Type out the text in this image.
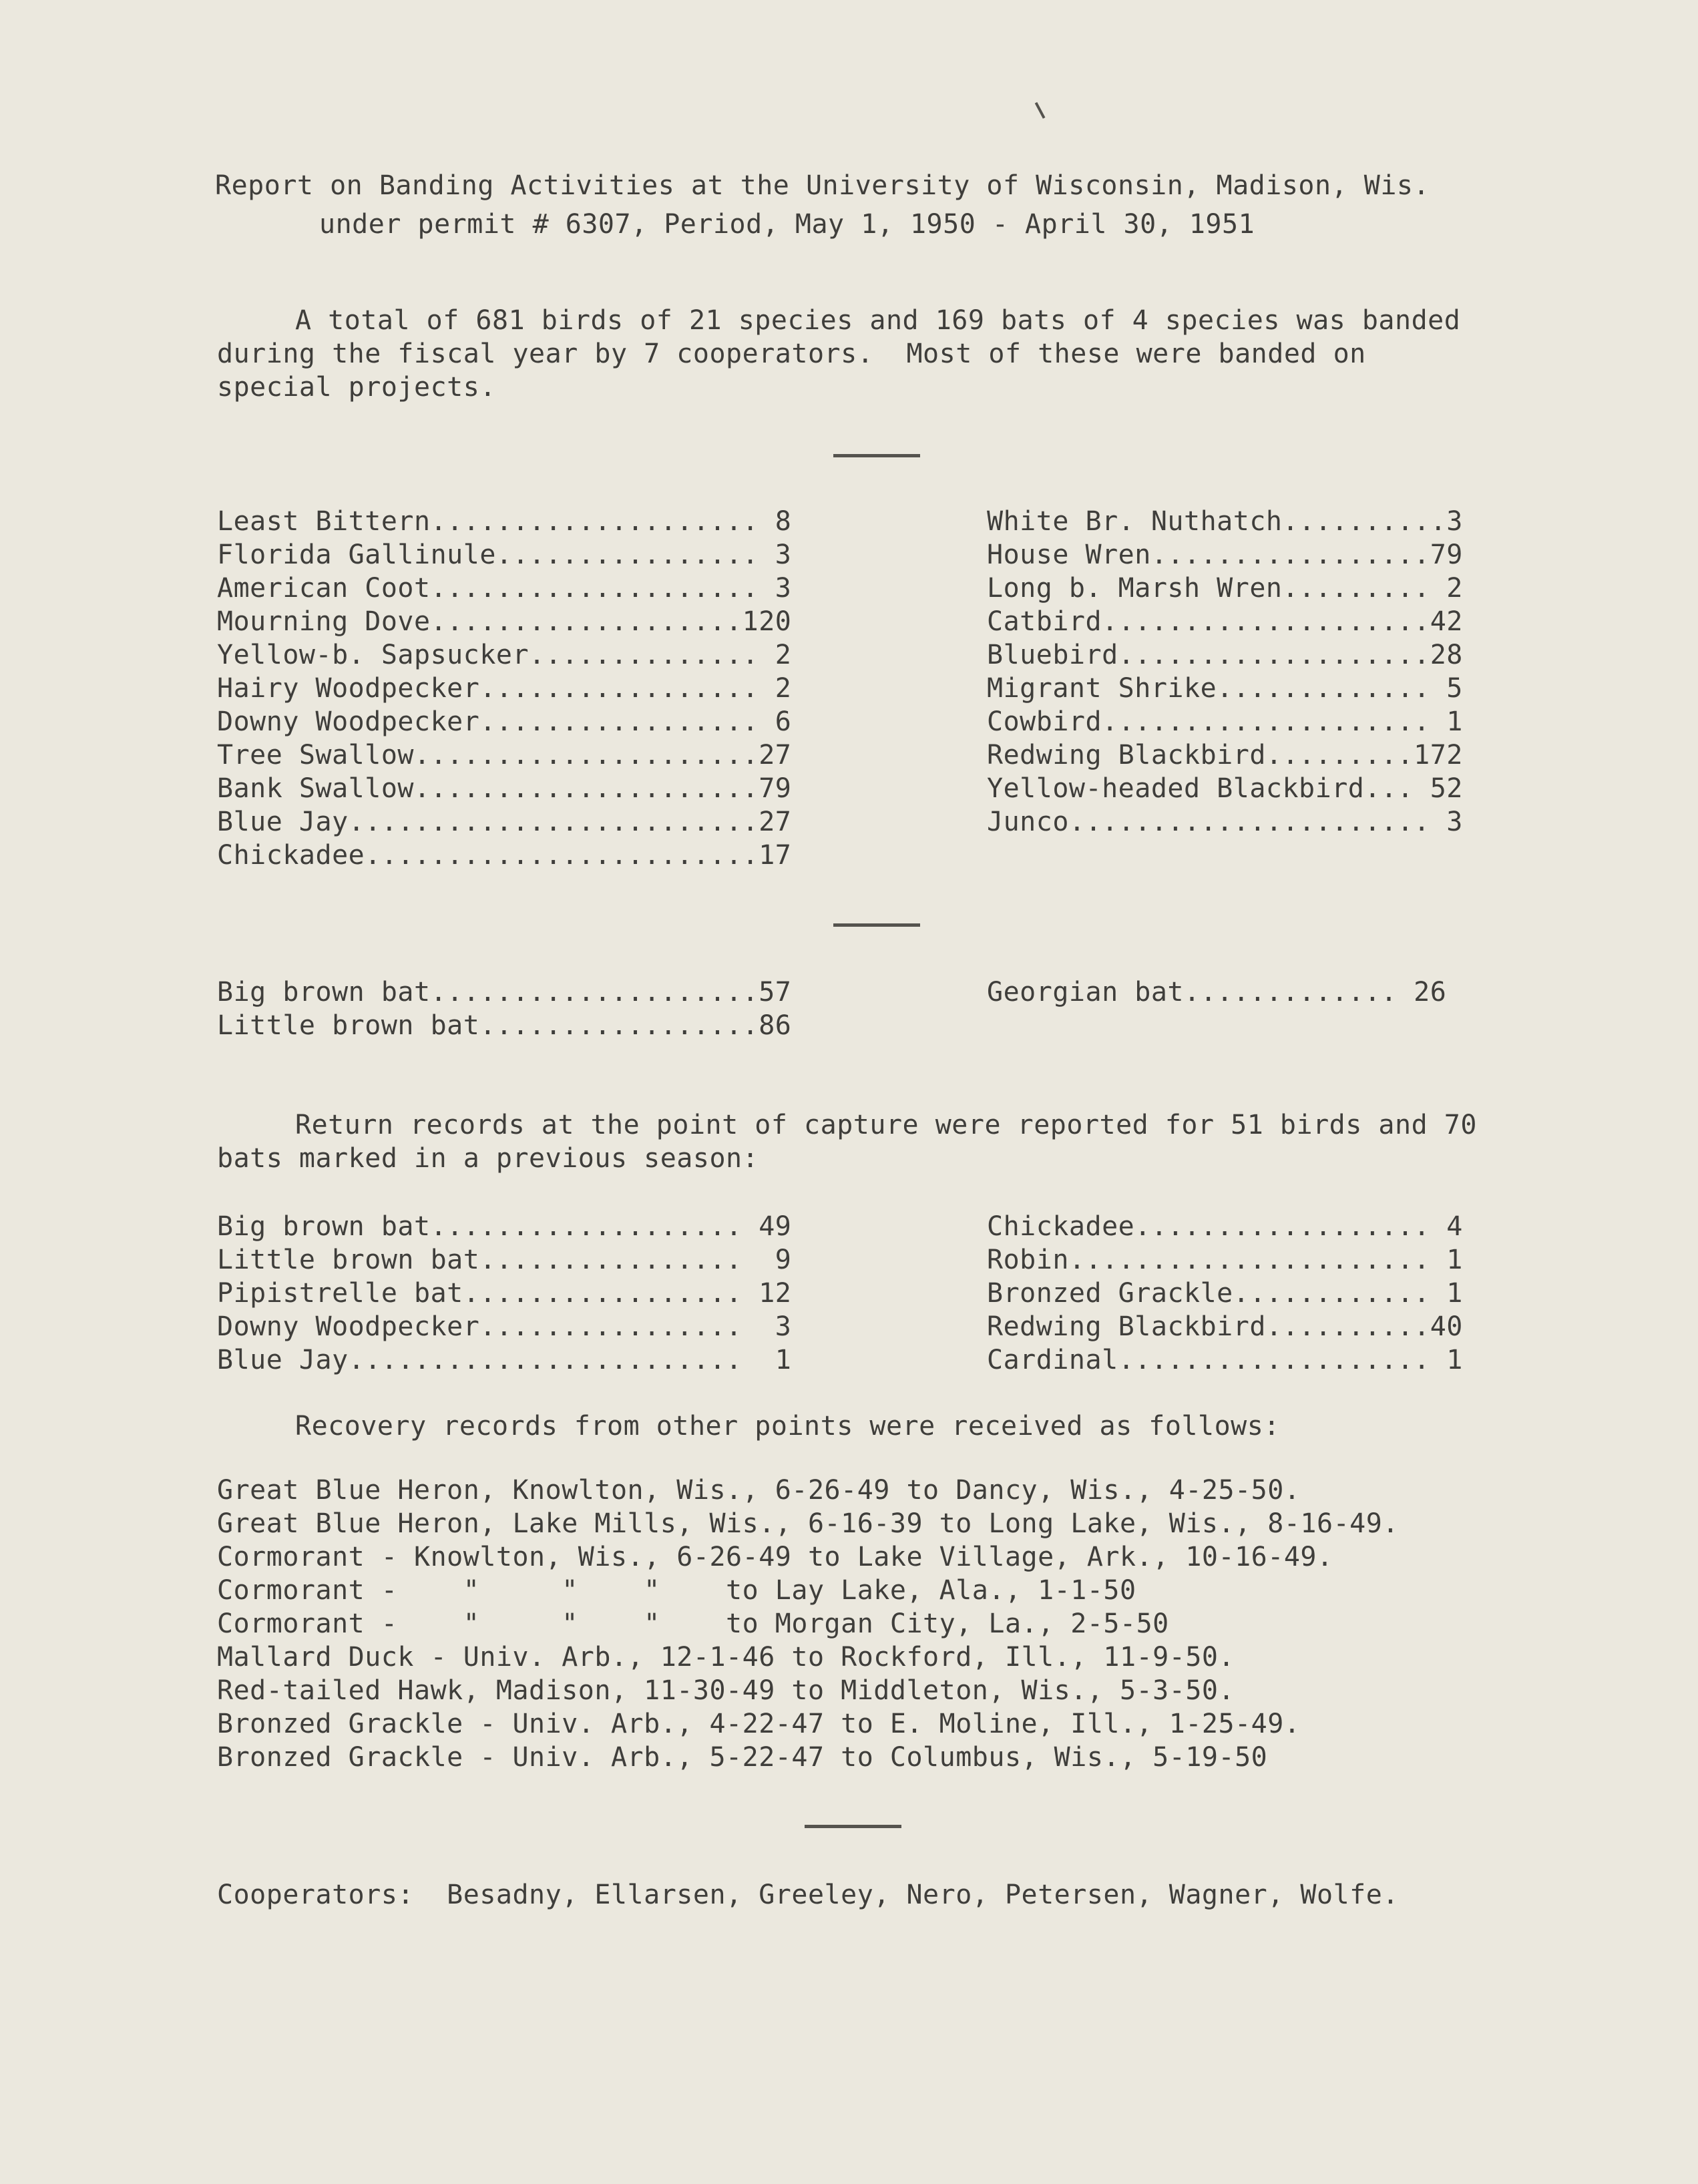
Report on Banding Activities at the University of Wisconsin, Madison, Wis.
under permit # 6307, Period, May 1, 1950 - April 30, 1951
A total of 681 birds of 21 species and 169 bats of 4 species was banded
during the fiscal year by 7 cooperators.  Most of these were banded on
special projects.
Least Bittern.................... 8
Florida Gallinule................ 3
American Coot.................... 3
Mourning Dove...................120
Yellow-b. Sapsucker.............. 2
Hairy Woodpecker................. 2
Downy Woodpecker................. 6
Tree Swallow.....................27
Bank Swallow.....................79
Blue Jay.........................27
Chickadee........................17
White Br. Nuthatch..........3
House Wren.................79
Long b. Marsh Wren......... 2
Catbird....................42
Bluebird...................28
Migrant Shrike............. 5
Cowbird.................... 1
Redwing Blackbird.........172
Yellow-headed Blackbird... 52
Junco...................... 3
Big brown bat....................57
Little brown bat.................86
Georgian bat............. 26
Return records at the point of capture were reported for 51 birds and 70
bats marked in a previous season:
Big brown bat................... 49
Little brown bat................  9
Pipistrelle bat................. 12
Downy Woodpecker................  3
Blue Jay........................  1
Chickadee.................. 4
Robin...................... 1
Bronzed Grackle............ 1
Redwing Blackbird..........40
Cardinal................... 1
Recovery records from other points were received as follows:
Great Blue Heron, Knowlton, Wis., 6-26-49 to Dancy, Wis., 4-25-50.
Great Blue Heron, Lake Mills, Wis., 6-16-39 to Long Lake, Wis., 8-16-49.
Cormorant - Knowlton, Wis., 6-26-49 to Lake Village, Ark., 10-16-49.
Cormorant -    "     "    "    to Lay Lake, Ala., 1-1-50
Cormorant -    "     "    "    to Morgan City, La., 2-5-50
Mallard Duck - Univ. Arb., 12-1-46 to Rockford, Ill., 11-9-50.
Red-tailed Hawk, Madison, 11-30-49 to Middleton, Wis., 5-3-50.
Bronzed Grackle - Univ. Arb., 4-22-47 to E. Moline, Ill., 1-25-49.
Bronzed Grackle - Univ. Arb., 5-22-47 to Columbus, Wis., 5-19-50
Cooperators:  Besadny, Ellarsen, Greeley, Nero, Petersen, Wagner, Wolfe.
